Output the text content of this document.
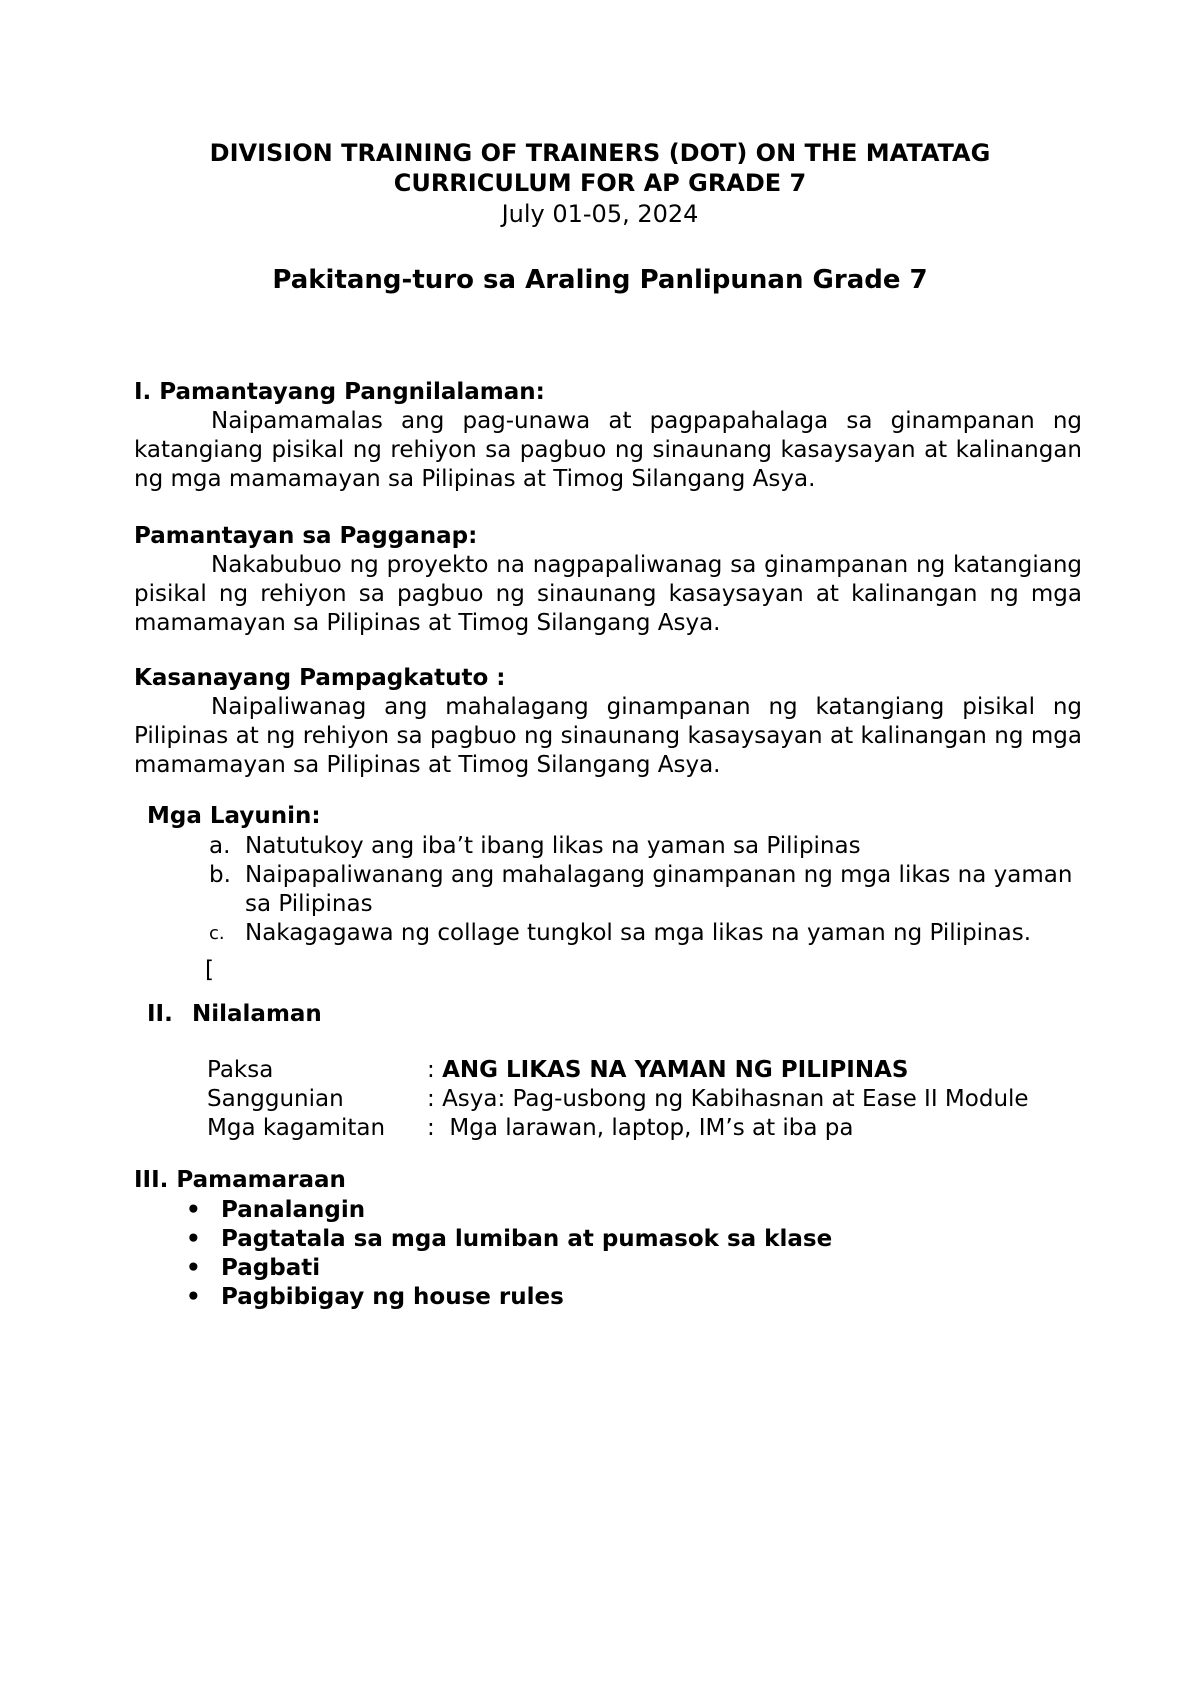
DIVISION TRAINING OF TRAINERS (DOT) ON THE MATATAG

CURRICULUM FOR AP GRADE 7

July 01-05, 2024

Pakitang-turo sa Araling Panlipunan Grade 7

I. Pamantayang Pangnilalaman:

Naipamamalas ang pag-unawa at pagpapahalaga sa ginampanan ng katangiang pisikal ng rehiyon sa pagbuo ng sinaunang kasaysayan at kalinangan ng mga mamamayan sa Pilipinas at Timog Silangang Asya.

Pamantayan sa Pagganap:

Nakabubuo ng proyekto na nagpapaliwanag sa ginampanan ng katangiang pisikal ng rehiyon sa pagbuo ng sinaunang kasaysayan at kalinangan ng mga mamamayan sa Pilipinas at Timog Silangang Asya.

Kasanayang Pampagkatuto :

Naipaliwanag ang mahalagang ginampanan ng katangiang pisikal ng Pilipinas at ng rehiyon sa pagbuo ng sinaunang kasaysayan at kalinangan ng mga mamamayan sa Pilipinas at Timog Silangang Asya.

Mga Layunin:

a. Natutukoy ang iba’t ibang likas na yaman sa Pilipinas
b. Naipapaliwanang ang mahalagang ginampanan ng mga likas na yaman sa Pilipinas
c. Nakagagawa ng collage tungkol sa mga likas na yaman ng Pilipinas.
[

II. Nilalaman

Paksa	: ANG LIKAS NA YAMAN NG PILIPINAS

Sanggunian	: Asya: Pag-usbong ng Kabihasnan at Ease II Module

Mga kagamitan	:  Mga larawan, laptop, IM’s at iba pa

III. Pamamaraan

• Panalangin
• Pagtatala sa mga lumiban at pumasok sa klase
• Pagbati
• Pagbibigay ng house rules
